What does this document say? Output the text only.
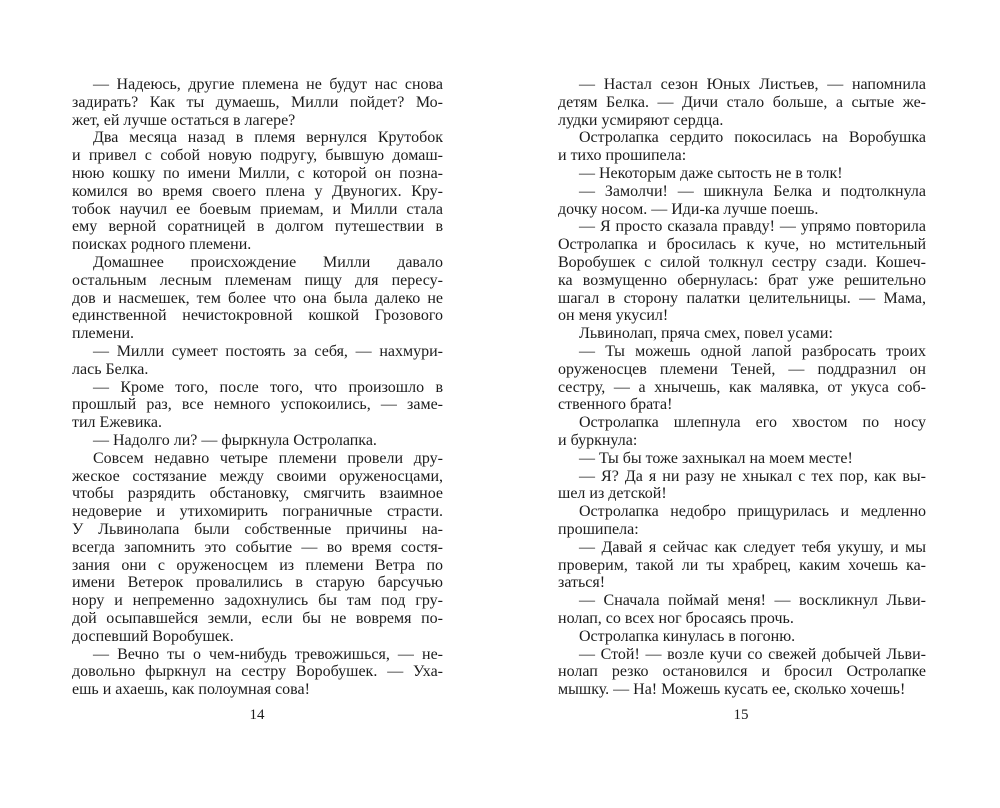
— Надеюсь, другие племена не будут нас снова
задирать? Как ты думаешь, Милли пойдет? Мо-
жет, ей лучше остаться в лагере?
Два месяца назад в племя вернулся Крутобок
и привел с собой новую подругу, бывшую домаш-
нюю кошку по имени Милли, с которой он позна-
комился во время своего плена у Двуногих. Кру-
тобок научил ее боевым приемам, и Милли стала
ему верной соратницей в долгом путешествии в
поисках родного племени.
Домашнее происхождение Милли давало
остальным лесным племенам пищу для пересу-
дов и насмешек, тем более что она была далеко не
единственной нечистокровной кошкой Грозового
племени.
— Милли сумеет постоять за себя, — нахмури-
лась Белка.
— Кроме того, после того, что произошло в
прошлый раз, все немного успокоились, — заме-
тил Ежевика.
— Надолго ли? — фыркнула Остролапка.
Совсем недавно четыре племени провели дру-
жеское состязание между своими оруженосцами,
чтобы разрядить обстановку, смягчить взаимное
недоверие и утихомирить пограничные страсти.
У Львинолапа были собственные причины на-
всегда запомнить это событие — во время состя-
зания они с оруженосцем из племени Ветра по
имени Ветерок провалились в старую барсучью
нору и непременно задохнулись бы там под гру-
дой осыпавшейся земли, если бы не вовремя по-
доспевший Воробушек.
— Вечно ты о чем-нибудь тревожишься, — не-
довольно фыркнул на сестру Воробушек. — Уха-
ешь и ахаешь, как полоумная сова!
— Настал сезон Юных Листьев, — напомнила
детям Белка. — Дичи стало больше, а сытые же-
лудки усмиряют сердца.
Остролапка сердито покосилась на Воробушка
и тихо прошипела:
— Некоторым даже сытость не в толк!
— Замолчи! — шикнула Белка и подтолкнула
дочку носом. — Иди-ка лучше поешь.
— Я просто сказала правду! — упрямо повторила
Остролапка и бросилась к куче, но мстительный
Воробушек с силой толкнул сестру сзади. Кошеч-
ка возмущенно обернулась: брат уже решительно
шагал в сторону палатки целительницы. — Мама,
он меня укусил!
Львинолап, пряча смех, повел усами:
— Ты можешь одной лапой разбросать троих
оруженосцев племени Теней, — поддразнил он
сестру, — а хнычешь, как малявка, от укуса соб-
ственного брата!
Остролапка шлепнула его хвостом по носу
и буркнула:
— Ты бы тоже захныкал на моем месте!
— Я? Да я ни разу не хныкал с тех пор, как вы-
шел из детской!
Остролапка недобро прищурилась и медленно
прошипела:
— Давай я сейчас как следует тебя укушу, и мы
проверим, такой ли ты храбрец, каким хочешь ка-
заться!
— Сначала поймай меня! — воскликнул Льви-
нолап, со всех ног бросаясь прочь.
Остролапка кинулась в погоню.
— Стой! — возле кучи со свежей добычей Льви-
нолап резко остановился и бросил Остролапке
мышку. — На! Можешь кусать ее, сколько хочешь!
14	15
